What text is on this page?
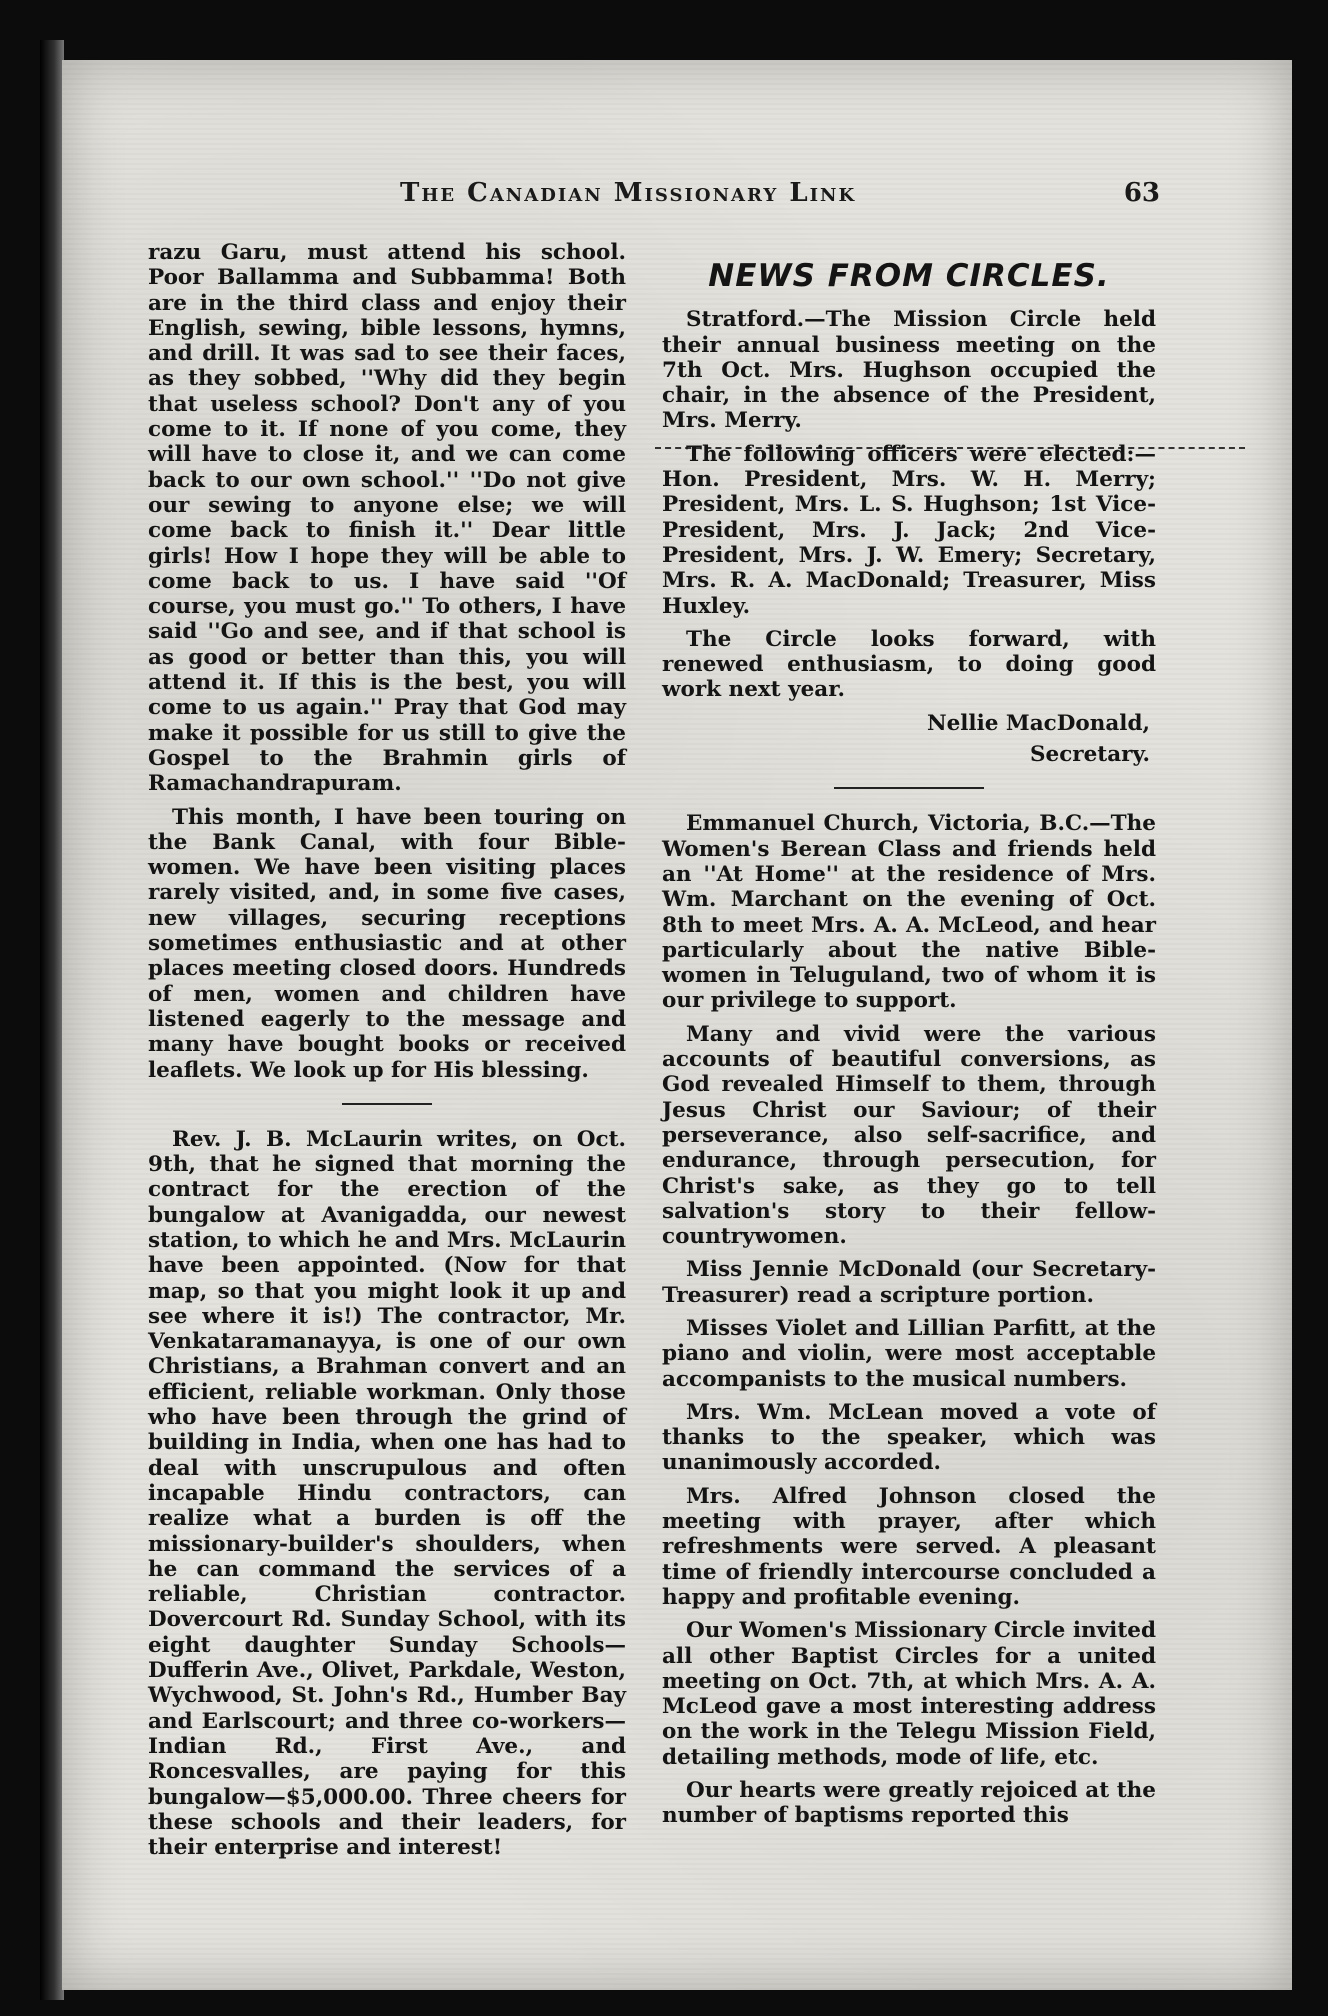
The Canadian Missionary Link	63

razu Garu, must attend his school. Poor Ballamma and Subbamma! Both are in the third class and enjoy their English, sewing, bible lessons, hymns, and drill. It was sad to see their faces, as they sobbed, ''Why did they begin that useless school? Don't any of you come to it. If none of you come, they will have to close it, and we can come back to our own school.'' ''Do not give our sewing to anyone else; we will come back to finish it.'' Dear little girls! How I hope they will be able to come back to us. I have said ''Of course, you must go.'' To others, I have said ''Go and see, and if that school is as good or better than this, you will attend it. If this is the best, you will come to us again.'' Pray that God may make it possible for us still to give the Gospel to the Brahmin girls of Ramachandrapuram.

This month, I have been touring on the Bank Canal, with four Bible-women. We have been visiting places rarely visited, and, in some five cases, new villages, securing receptions sometimes enthusiastic and at other places meeting closed doors. Hundreds of men, women and children have listened eagerly to the message and many have bought books or received leaflets. We look up for His blessing.

Rev. J. B. McLaurin writes, on Oct. 9th, that he signed that morning the contract for the erection of the bungalow at Avanigadda, our newest station, to which he and Mrs. McLaurin have been appointed. (Now for that map, so that you might look it up and see where it is!) The contractor, Mr. Venkataramanayya, is one of our own Christians, a Brahman convert and an efficient, reliable workman. Only those who have been through the grind of building in India, when one has had to deal with unscrupulous and often incapable Hindu contractors, can realize what a burden is off the missionary-builder's shoulders, when he can command the services of a reliable, Christian contractor. Dovercourt Rd. Sunday School, with its eight daughter Sunday Schools—Dufferin Ave., Olivet, Parkdale, Weston, Wychwood, St. John's Rd., Humber Bay and Earlscourt; and three co-workers—Indian Rd., First Ave., and Roncesvalles, are paying for this bungalow—$5,000.00. Three cheers for these schools and their leaders, for their enterprise and interest!

NEWS FROM CIRCLES.

Stratford.—The Mission Circle held their annual business meeting on the 7th Oct. Mrs. Hughson occupied the chair, in the absence of the President, Mrs. Merry.

The following officers were elected:—Hon. President, Mrs. W. H. Merry; President, Mrs. L. S. Hughson; 1st Vice-President, Mrs. J. Jack; 2nd Vice-President, Mrs. J. W. Emery; Secretary, Mrs. R. A. MacDonald; Treasurer, Miss Huxley.

The Circle looks forward, with renewed enthusiasm, to doing good work next year.

Nellie MacDonald,
Secretary.

Emmanuel Church, Victoria, B.C.—The Women's Berean Class and friends held an ''At Home'' at the residence of Mrs. Wm. Marchant on the evening of Oct. 8th to meet Mrs. A. A. McLeod, and hear particularly about the native Bible-women in Teluguland, two of whom it is our privilege to support.

Many and vivid were the various accounts of beautiful conversions, as God revealed Himself to them, through Jesus Christ our Saviour; of their perseverance, also self-sacrifice, and endurance, through persecution, for Christ's sake, as they go to tell salvation's story to their fellow-countrywomen.

Miss Jennie McDonald (our Secretary-Treasurer) read a scripture portion.

Misses Violet and Lillian Parfitt, at the piano and violin, were most acceptable accompanists to the musical numbers.

Mrs. Wm. McLean moved a vote of thanks to the speaker, which was unanimously accorded.

Mrs. Alfred Johnson closed the meeting with prayer, after which refreshments were served. A pleasant time of friendly intercourse concluded a happy and profitable evening.

Our Women's Missionary Circle invited all other Baptist Circles for a united meeting on Oct. 7th, at which Mrs. A. A. McLeod gave a most interesting address on the work in the Telegu Mission Field, detailing methods, mode of life, etc.

Our hearts were greatly rejoiced at the number of baptisms reported this
